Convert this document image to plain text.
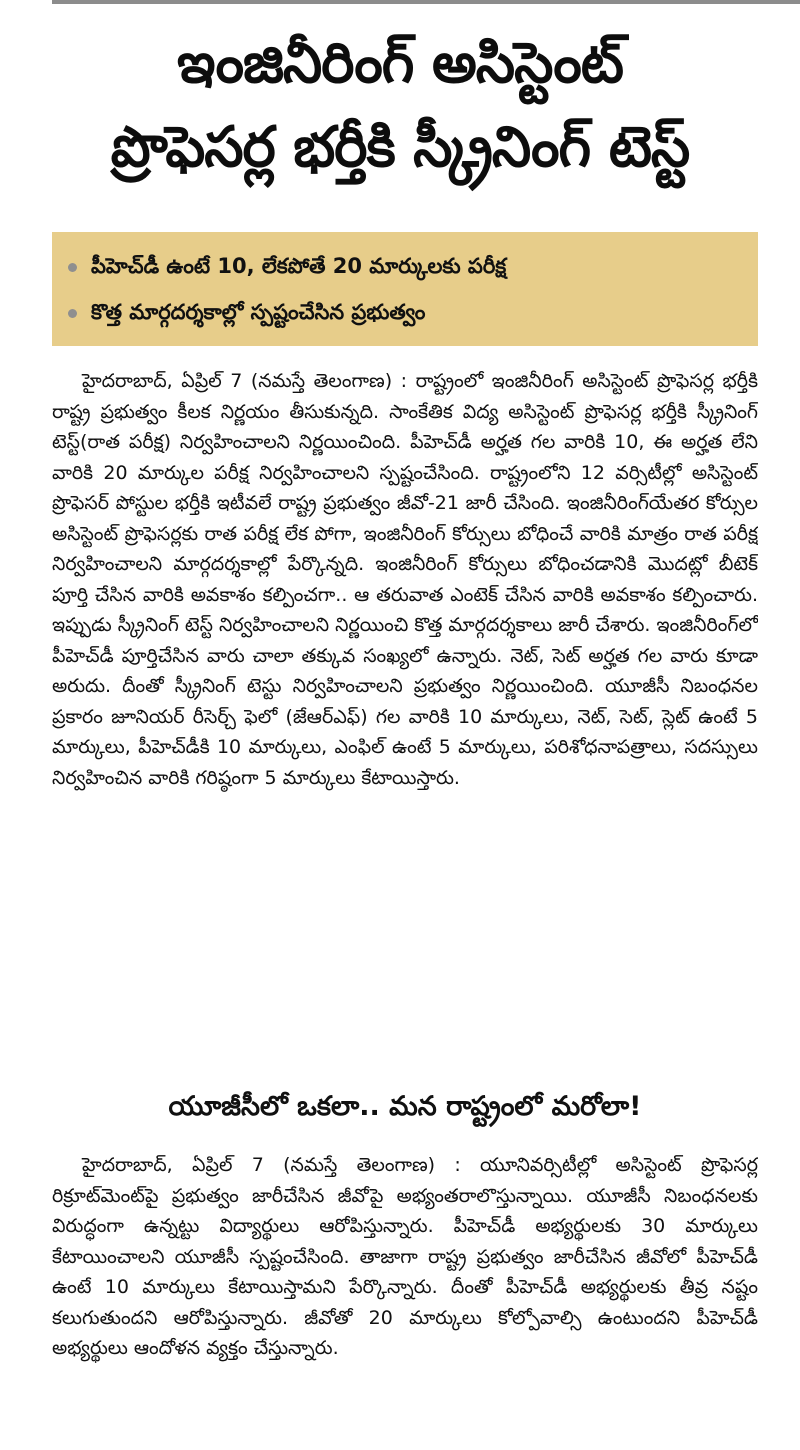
ఇంజినీరింగ్ అసిస్టెంట్
ప్రొఫెసర్ల భర్తీకి స్క్రీనింగ్ టెస్ట్
పీహెచ్‌డీ ఉంటే 10, లేకపోతే 20 మార్కులకు పరీక్ష
కొత్త మార్గదర్శకాల్లో స్పష్టంచేసిన ప్రభుత్వం

హైదరాబాద్, ఏప్రిల్ 7 (నమస్తే తెలంగాణ) : రాష్ట్రంలో ఇంజినీరింగ్ అసిస్టెంట్ ప్రొఫెసర్ల భర్తీకి రాష్ట్ర ప్రభుత్వం కీలక నిర్ణయం తీసుకున్నది. సాంకేతిక విద్య అసిస్టెంట్ ప్రొఫెసర్ల భర్తీకి స్క్రీనింగ్ టెస్ట్(రాత పరీక్ష) నిర్వహించాలని నిర్ణయించింది. పీహెచ్‌డీ అర్హత గల వారికి 10, ఈ అర్హత లేని వారికి 20 మార్కుల పరీక్ష నిర్వహించాలని స్పష్టంచేసింది. రాష్ట్రంలోని 12 వర్సిటీల్లో అసిస్టెంట్ ప్రొఫెసర్ పోస్టుల భర్తీకి ఇటీవలే రాష్ట్ర ప్రభుత్వం జీవో-21 జారీ చేసింది. ఇంజినీరింగ్‌యేతర కోర్సుల అసిస్టెంట్ ప్రొఫెసర్లకు రాత పరీక్ష లేక పోగా, ఇంజినీరింగ్ కోర్సులు బోధించే వారికి మాత్రం రాత పరీక్ష నిర్వహించాలని మార్గదర్శకాల్లో పేర్కొన్నది. ఇంజినీరింగ్ కోర్సులు బోధించడానికి మొదట్లో బీటెక్ పూర్తి చేసిన వారికి అవకాశం కల్పించగా.. ఆ తరువాత ఎంటెక్ చేసిన వారికి అవకాశం కల్పించారు. ఇప్పుడు స్క్రీనింగ్ టెస్ట్ నిర్వహించాలని నిర్ణయించి కొత్త మార్గదర్శకాలు జారీ చేశారు. ఇంజినీరింగ్‌లో పీహెచ్‌డీ పూర్తిచేసిన వారు చాలా తక్కువ సంఖ్యలో ఉన్నారు. నెట్, సెట్ అర్హత గల వారు కూడా అరుదు. దీంతో స్క్రీనింగ్ టెస్టు నిర్వహించాలని ప్రభుత్వం నిర్ణయించింది. యూజీసీ నిబంధనల ప్రకారం జూనియర్ రీసెర్చ్ ఫెలో (జేఆర్ఎఫ్) గల వారికి 10 మార్కులు, నెట్, సెట్, స్లెట్ ఉంటే 5 మార్కులు, పీహెచ్‌డీకి 10 మార్కులు, ఎంఫిల్ ఉంటే 5 మార్కులు, పరిశోధనాపత్రాలు, సదస్సులు నిర్వహించిన వారికి గరిష్ఠంగా 5 మార్కులు కేటాయిస్తారు.

యూజీసీలో ఒకలా.. మన రాష్ట్రంలో మరోలా!

హైదరాబాద్, ఏప్రిల్ 7 (నమస్తే తెలంగాణ) : యూనివర్సిటీల్లో అసిస్టెంట్ ప్రొఫెసర్ల రిక్రూట్‌మెంట్‌పై ప్రభుత్వం జారీచేసిన జీవోపై అభ్యంతరాలొస్తున్నాయి. యూజీసీ నిబంధనలకు విరుద్ధంగా ఉన్నట్టు విద్యార్థులు ఆరోపిస్తున్నారు. పీహెచ్‌డీ అభ్యర్థులకు 30 మార్కులు కేటాయించాలని యూజీసీ స్పష్టంచేసింది. తాజాగా రాష్ట్ర ప్రభుత్వం జారీచేసిన జీవోలో పీహెచ్‌డీ ఉంటే 10 మార్కులు కేటాయిస్తామని పేర్కొన్నారు. దీంతో పీహెచ్‌డీ అభ్యర్థులకు తీవ్ర నష్టం కలుగుతుందని ఆరోపిస్తున్నారు. జీవోతో 20 మార్కులు కోల్పోవాల్సి ఉంటుందని పీహెచ్‌డీ అభ్యర్థులు ఆందోళన వ్యక్తం చేస్తున్నారు.
